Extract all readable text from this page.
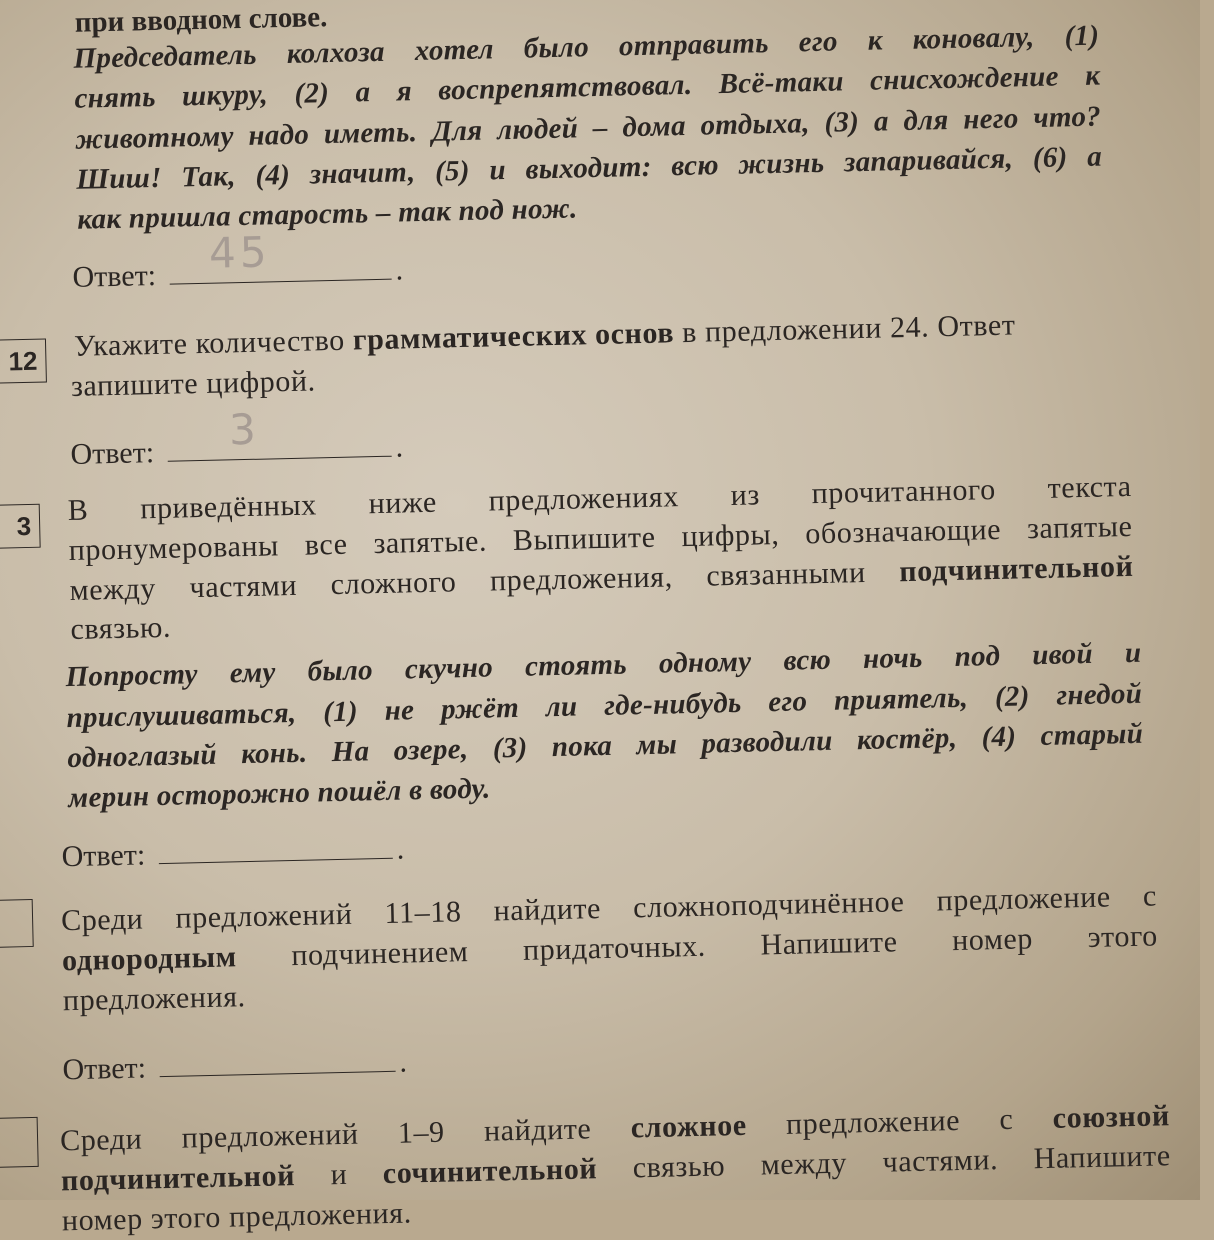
при вводном слове.
Председатель колхоза хотел было отправить его к коновалу, (1)
снять шкуру, (2) а я воспрепятствовал. Всё-таки снисхождение к
животному надо иметь. Для людей – дома отдыха, (3) а для него что?
Шиш! Так, (4) значит, (5) и выходит: всю жизнь запаривайся, (6) а
как пришла старость – так под нож.
Ответ: 45	.
12 Укажите количество грамматических основ в предложении 24. Ответ
запишите цифрой.
Ответ: 3	.
3 В приведённых ниже предложениях из прочитанного текста
пронумерованы все запятые. Выпишите цифры, обозначающие запятые
между частями сложного предложения, связанными подчинительной
связью.
Попросту ему было скучно стоять одному всю ночь под ивой и
прислушиваться, (1) не ржёт ли где-нибудь его приятель, (2) гнедой
одноглазый конь. На озере, (3) пока мы разводили костёр, (4) старый
мерин осторожно пошёл в воду.
Ответ:	.
Среди предложений 11–18 найдите сложноподчинённое предложение с
однородным подчинением придаточных. Напишите номер этого
предложения.
Ответ:	.
Среди предложений 1–9 найдите сложное предложение с союзной
подчинительной и сочинительной связью между частями. Напишите
номер этого предложения.
